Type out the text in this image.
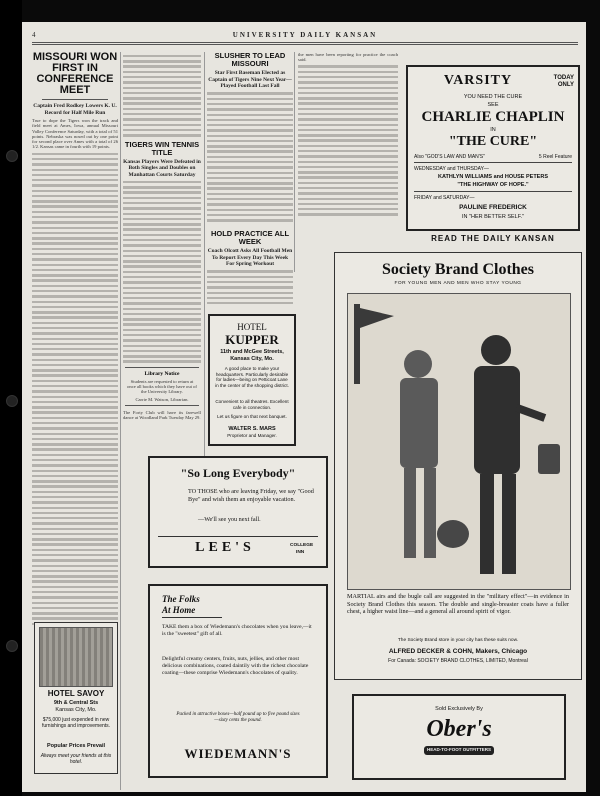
4	UNIVERSITY DAILY KANSAN
MISSOURI WON FIRST IN CONFERENCE MEET
Captain Fred Rodkey Lowers K. U. Record for Half Mile Run
True to dope the Tigers won the track and field meet at Ames, Iowa, annual Missouri Valley Conference Saturday, with a total of 51 points. Nebraska was nosed out by one point for second place over Ames with a total of 26 1/2. Kansas came in fourth with 19 points.
HOTEL SAVOY
9th & Central Sts
Kansas City, Mo.
$75,000 just expended in new furnishings and improvements.
Popular Prices Prevail
Always meet your friends at this hotel.
TIGERS WIN TENNIS TITLE
Kansas Players Were Defeated in Both Singles and Doubles on Manhattan Courts Saturday
Library Notice
Students are requested to return at once all books which they have out of the University Library.
Carrie M. Watson, Librarian.
The Forty Club will have its farewell dance at Woodland Park Tuesday May 29.
SLUSHER TO LEAD MISSOURI
Star First Baseman Elected as Captain of Tigers Nine Next Year—Played Football Last Fall
HOLD PRACTICE ALL WEEK
Coach Olcott Asks All Football Men To Report Every Day This Week For Spring Workout
the men have been reporting for practice the coach said.
VARSITY	TODAY
ONLY
YOU NEED THE CURE
SEE
CHARLIE CHAPLIN
IN
"THE CURE"
Also "GOD'S LAW AND MAN'S"	5 Reel Feature
WEDNESDAY and THURSDAY—
KATHLYN WILLIAMS and HOUSE PETERS
"THE HIGHWAY OF HOPE."
FRIDAY and SATURDAY—
PAULINE FREDERICK
IN "HER BETTER SELF."
READ THE DAILY KANSAN
HOTEL
KUPPER
11th and McGee Streets,
Kansas City, Mo.
A good place to make your headquarters. Particularly desirable for ladies—being on Petticoat Lane in the center of the shopping district.
Convenient to all theatres. Excellent cafe in connection.
Let us figure on that next banquet.
WALTER S. MARS
Proprietor and Manager.
Society Brand Clothes
FOR YOUNG MEN AND MEN WHO STAY YOUNG
MARTIAL airs and the bugle call are suggested in the "military effect"—in evidence in Society Brand Clothes this season. The double and single-breaster coats have a fuller chest, a higher waist line—and a general all around spirit of vigor.
The Society Brand store in your city has these suits now.
ALFRED DECKER & COHN, Makers, Chicago
For Canada: SOCIETY BRAND CLOTHES, LIMITED, Montreal
"So Long Everybody"
TO THOSE who are leaving Friday, we say "Good Bye" and wish them an enjoyable vacation.
—We'll see you next fall.
LEE'S	COLLEGE
INN
The Folks
At Home
TAKE them a box of Wiedemann's chocolates when you leave,—it is the "sweetest" gift of all.
Delightful creamy centers, fruits, nuts, jellies, and other most delicious combinations, coated daintily with the richest chocolate coating—these comprise Wiedemann's chocolates of quality.
Packed in attractive boxes—half pound up to five pound sizes—sixty cents the pound.
WIEDEMANN'S
Sold Exclusively By
Ober's
HEAD-TO-FOOT OUTFITTERS
